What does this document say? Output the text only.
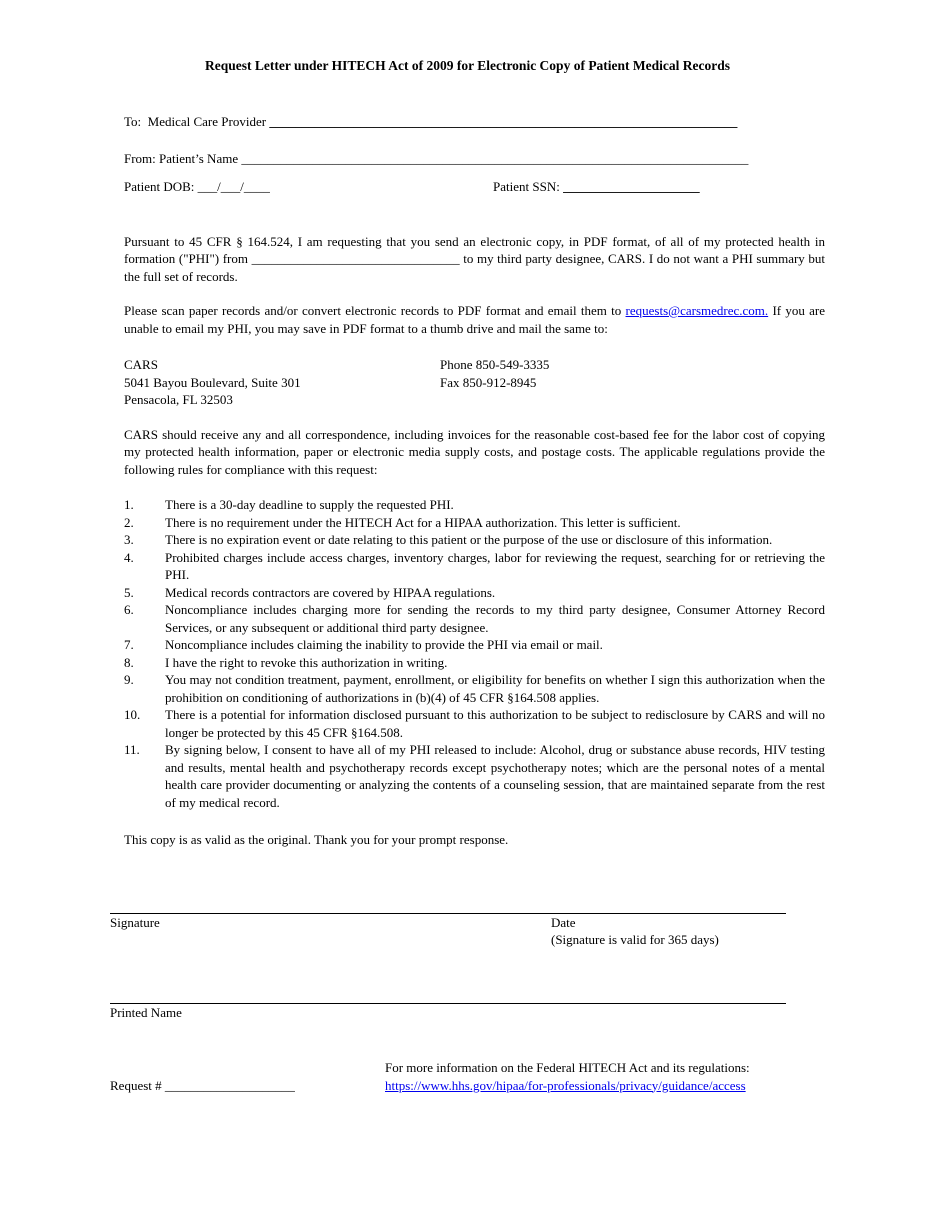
Request Letter under HITECH Act of 2009 for Electronic Copy of Patient Medical Records
To:  Medical Care Provider ________________________________________________________________________
From: Patient’s Name ______________________________________________________________________________
Patient DOB: ___/___/____	Patient SSN: _____________________
Pursuant to 45 CFR § 164.524, I am requesting that you send an electronic copy, in PDF format, of all of my protected health in formation ("PHI") from ________________________________ to my third party designee, CARS. I do not want a PHI summary but the full set of records.
Please scan paper records and/or convert electronic records to PDF format and email them to requests@carsmedrec.com. If you are unable to email my PHI, you may save in PDF format to a thumb drive and mail the same to:
CARS
5041 Bayou Boulevard, Suite 301
Pensacola, FL 32503
Phone 850-549-3335
Fax 850-912-8945
CARS should receive any and all correspondence, including invoices for the reasonable cost-based fee for the labor cost of copying my protected health information, paper or electronic media supply costs, and postage costs. The applicable regulations provide the following rules for compliance with this request:
1. There is a 30-day deadline to supply the requested PHI.
2. There is no requirement under the HITECH Act for a HIPAA authorization. This letter is sufficient.
3. There is no expiration event or date relating to this patient or the purpose of the use or disclosure of this information.
4. Prohibited charges include access charges, inventory charges, labor for reviewing the request, searching for or retrieving the PHI.
5. Medical records contractors are covered by HIPAA regulations.
6. Noncompliance includes charging more for sending the records to my third party designee, Consumer Attorney Record Services, or any subsequent or additional third party designee.
7. Noncompliance includes claiming the inability to provide the PHI via email or mail.
8. I have the right to revoke this authorization in writing.
9. You may not condition treatment, payment, enrollment, or eligibility for benefits on whether I sign this authorization when the prohibition on conditioning of authorizations in (b)(4) of 45 CFR §164.508 applies.
10. There is a potential for information disclosed pursuant to this authorization to be subject to redisclosure by CARS and will no longer be protected by this 45 CFR §164.508.
11. By signing below, I consent to have all of my PHI released to include: Alcohol, drug or substance abuse records, HIV testing and results, mental health and psychotherapy records except psychotherapy notes; which are the personal notes of a mental health care provider documenting or analyzing the contents of a counseling session, that are maintained separate from the rest of my medical record.
This copy is as valid as the original. Thank you for your prompt response.
Signature	Date
(Signature is valid for 365 days)
Printed Name
For more information on the Federal HITECH Act and its regulations:
https://www.hhs.gov/hipaa/for-professionals/privacy/guidance/access
Request # ____________________
